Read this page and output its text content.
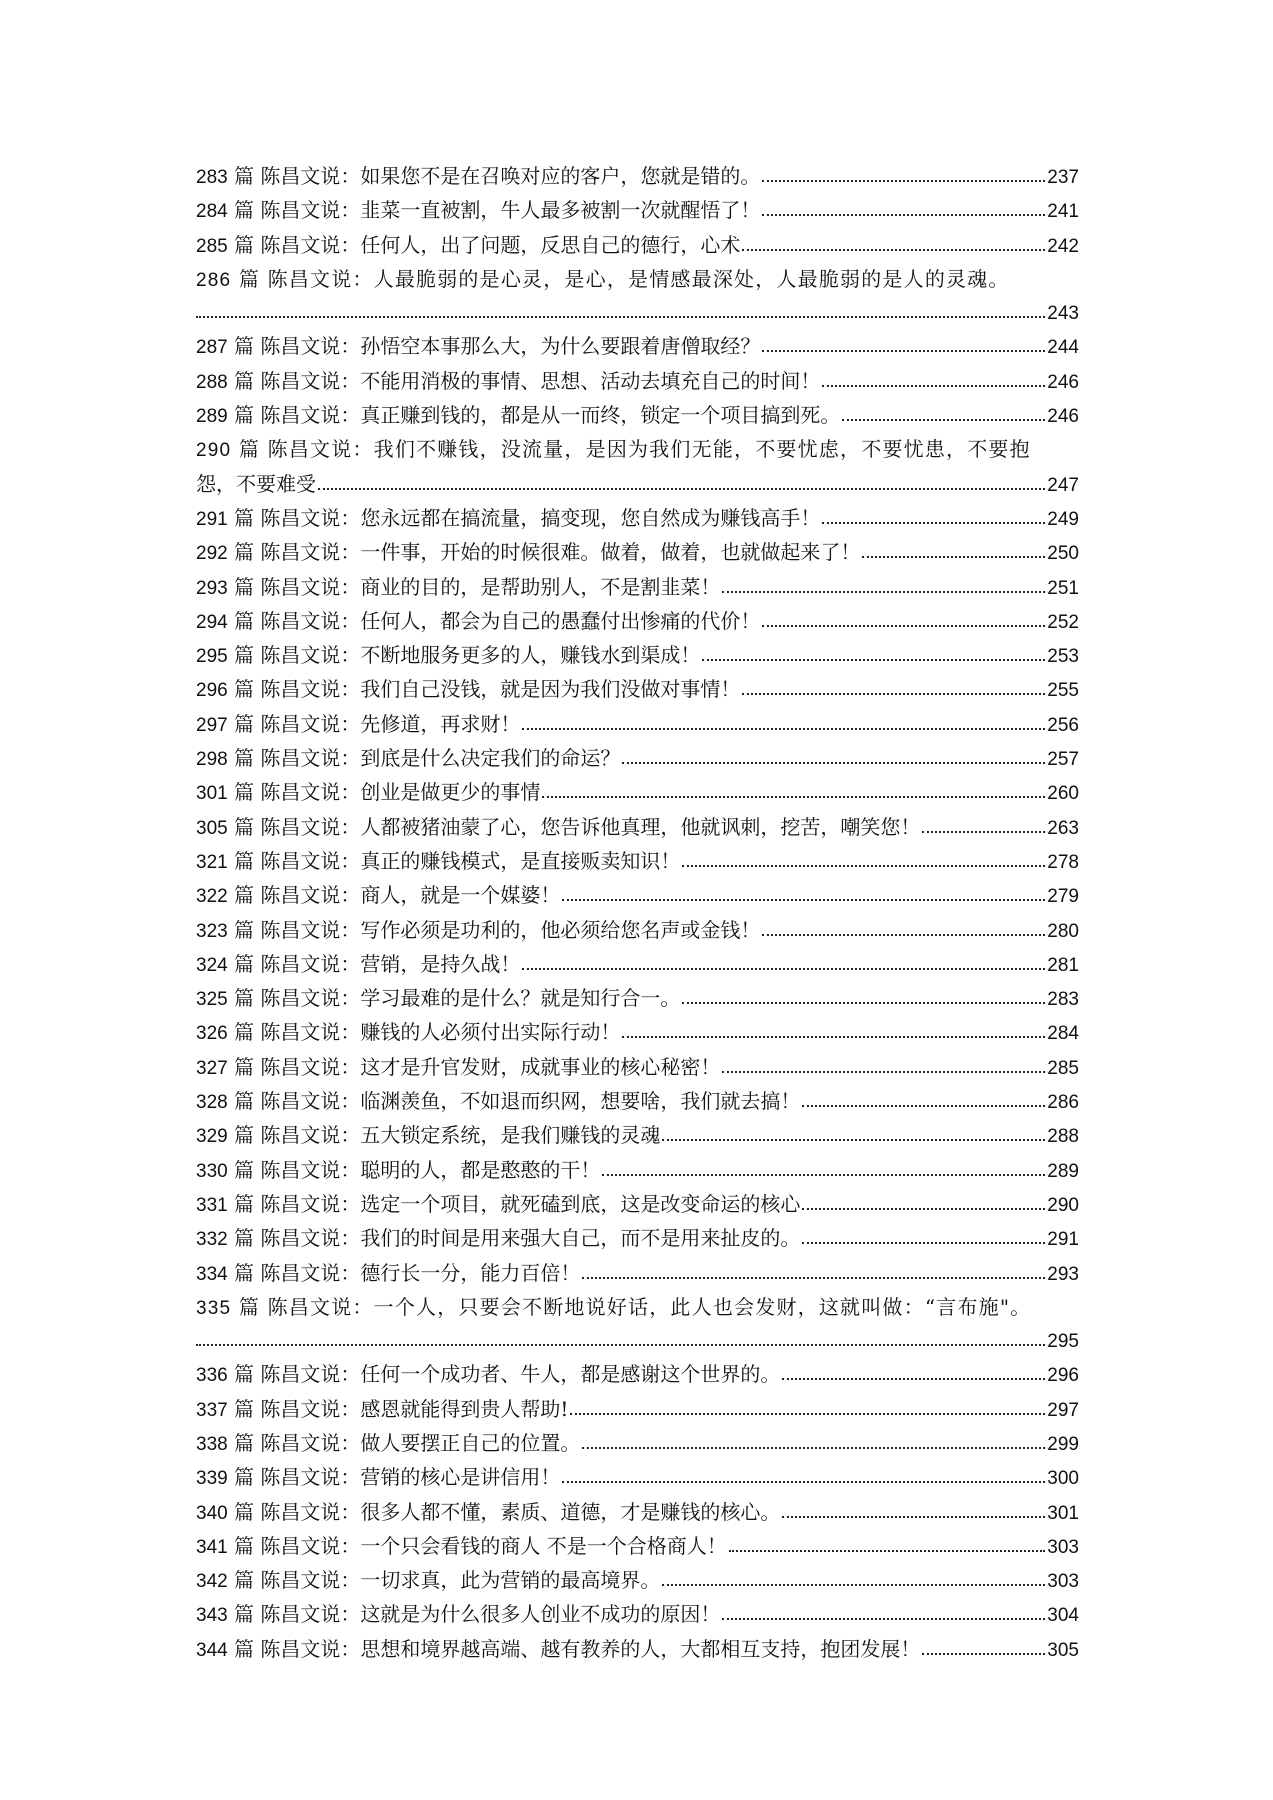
283 篇 陈昌文说：如果您不是在召唤对应的客户，您就是错的。	237
284 篇 陈昌文说：韭菜一直被割，牛人最多被割一次就醒悟了！	241
285 篇 陈昌文说：任何人，出了问题，反思自己的德行，心术	242
286 篇 陈昌文说：人最脆弱的是心灵，是心，是情感最深处，人最脆弱的是人的灵魂。
243
287 篇 陈昌文说：孙悟空本事那么大，为什么要跟着唐僧取经？	244
288 篇 陈昌文说：不能用消极的事情、思想、活动去填充自己的时间！	246
289 篇 陈昌文说：真正赚到钱的，都是从一而终，锁定一个项目搞到死。	246
290 篇 陈昌文说：我们不赚钱，没流量，是因为我们无能，不要忧虑，不要忧患，不要抱
怨，不要难受	247
291 篇 陈昌文说：您永远都在搞流量，搞变现，您自然成为赚钱高手！	249
292 篇 陈昌文说：一件事，开始的时候很难。做着，做着，也就做起来了！	250
293 篇 陈昌文说：商业的目的，是帮助别人，不是割韭菜！	251
294 篇 陈昌文说：任何人，都会为自己的愚蠢付出惨痛的代价！	252
295 篇 陈昌文说：不断地服务更多的人，赚钱水到渠成！	253
296 篇 陈昌文说：我们自己没钱，就是因为我们没做对事情！	255
297 篇 陈昌文说：先修道，再求财！	256
298 篇 陈昌文说：到底是什么决定我们的命运？	257
301 篇 陈昌文说：创业是做更少的事情	260
305 篇 陈昌文说：人都被猪油蒙了心，您告诉他真理，他就讽刺，挖苦，嘲笑您！	263
321 篇 陈昌文说：真正的赚钱模式，是直接贩卖知识！	278
322 篇 陈昌文说：商人，就是一个媒婆！	279
323 篇 陈昌文说：写作必须是功利的，他必须给您名声或金钱！	280
324 篇 陈昌文说：营销，是持久战！	281
325 篇 陈昌文说：学习最难的是什么？就是知行合一。	283
326 篇 陈昌文说：赚钱的人必须付出实际行动！	284
327 篇 陈昌文说：这才是升官发财，成就事业的核心秘密！	285
328 篇 陈昌文说：临渊羡鱼，不如退而织网，想要啥，我们就去搞！	286
329 篇 陈昌文说：五大锁定系统，是我们赚钱的灵魂	288
330 篇 陈昌文说：聪明的人，都是憨憨的干！	289
331 篇 陈昌文说：选定一个项目，就死磕到底，这是改变命运的核心	290
332 篇 陈昌文说：我们的时间是用来强大自己，而不是用来扯皮的。	291
334 篇 陈昌文说：德行长一分，能力百倍！	293
335 篇 陈昌文说：一个人，只要会不断地说好话，此人也会发财，这就叫做：“言布施"。
295
336 篇 陈昌文说：任何一个成功者、牛人，都是感谢这个世界的。	296
337 篇 陈昌文说：感恩就能得到贵人帮助!	297
338 篇 陈昌文说：做人要摆正自己的位置。	299
339 篇 陈昌文说：营销的核心是讲信用！	300
340 篇 陈昌文说：很多人都不懂，素质、道德，才是赚钱的核心。	301
341 篇 陈昌文说：一个只会看钱的商人 不是一个合格商人！	303
342 篇 陈昌文说：一切求真，此为营销的最高境界。	303
343 篇 陈昌文说：这就是为什么很多人创业不成功的原因！	304
344 篇 陈昌文说：思想和境界越高端、越有教养的人，大都相互支持，抱团发展！	305
